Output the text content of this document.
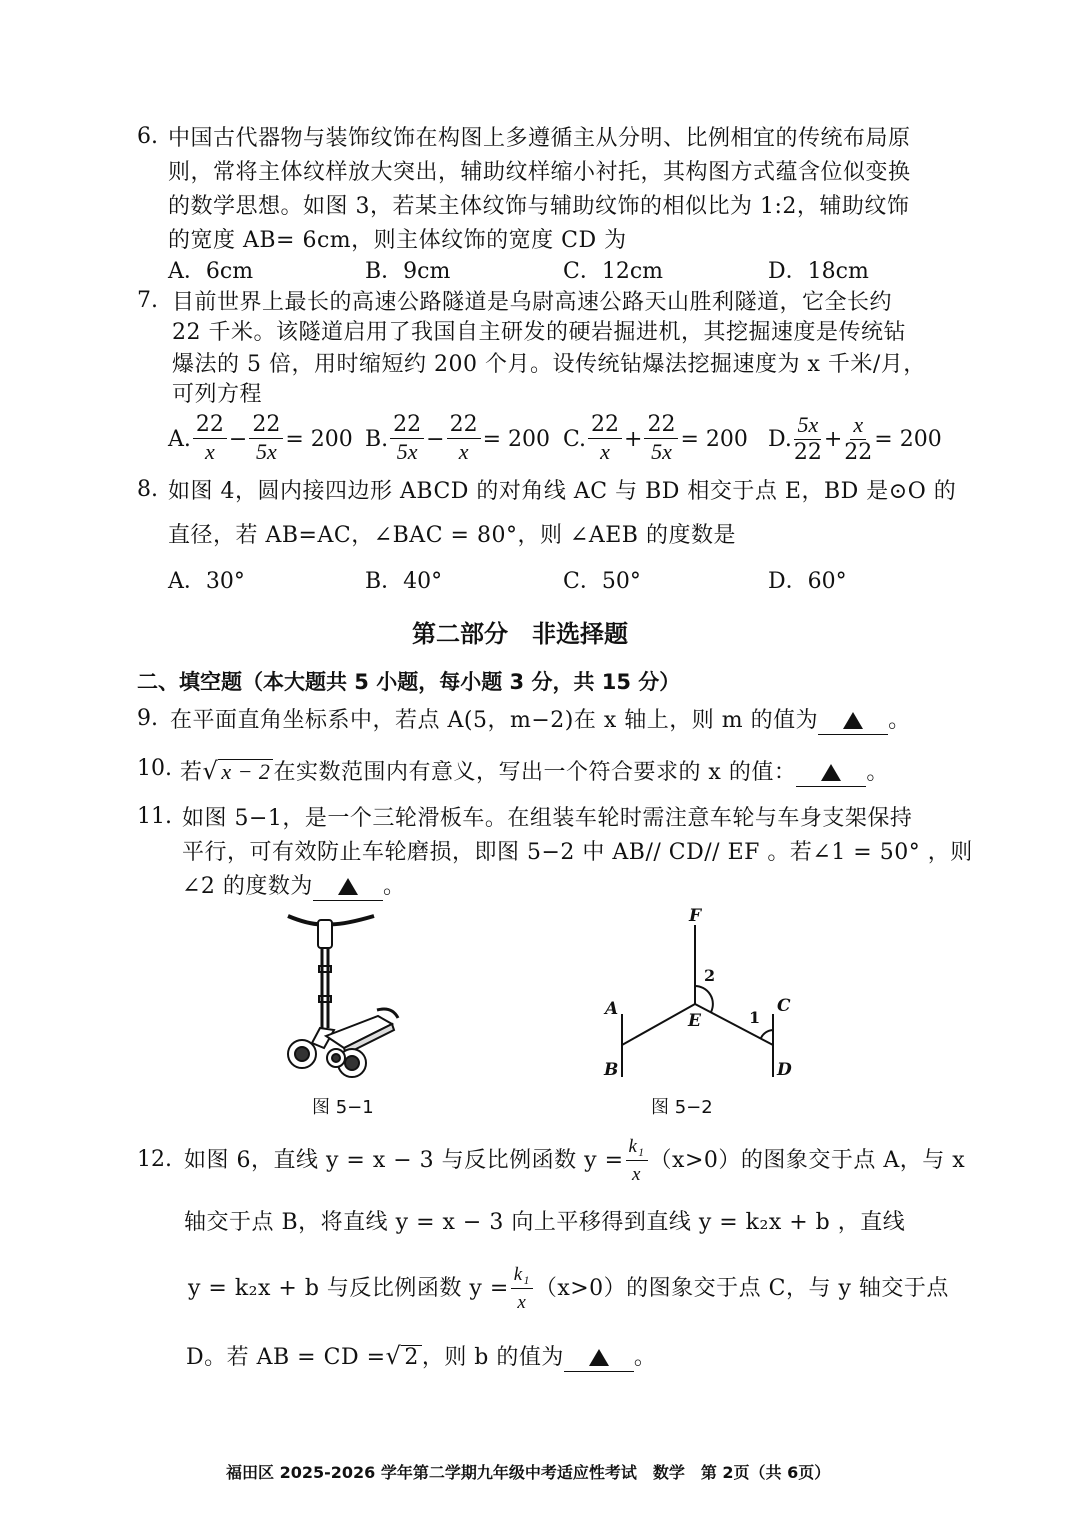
6. 中国古代器物与装饰纹饰在构图上多遵循主从分明、比例相宜的传统布局原
则，常将主体纹样放大突出，辅助纹样缩小衬托，其构图方式蕴含位似变换
的数学思想。如图 3，若某主体纹饰与辅助纹饰的相似比为 1:2，辅助纹饰
的宽度 AB= 6cm，则主体纹饰的宽度 CD 为
A．6cm	B．9cm	C．12cm	D．18cm
7. 目前世界上最长的高速公路隧道是乌尉高速公路天山胜利隧道，它全长约
22 千米。该隧道启用了我国自主研发的硬岩掘进机，其挖掘速度是传统钻
爆法的 5 倍，用时缩短约 200 个月。设传统钻爆法挖掘速度为 x 千米/月，
可列方程
A. $\frac{22}{x} - \frac{22}{5x} = 200$ B. $\frac{22}{5x} - \frac{22}{x} = 200$ C. $\frac{22}{x} + \frac{22}{5x} = 200$ D. $\frac{5x}{22} + \frac{x}{22} = 200$
8. 如图 4，圆内接四边形 ABCD 的对角线 AC 与 BD 相交于点 E，BD 是⊙O 的
直径，若 AB=AC，∠BAC = 80°，则 ∠AEB 的度数是
A．30°	B．40°	C．50°	D．60°
第二部分　非选择题
二、填空题（本大题共 5 小题，每小题 3 分，共 15 分）
9. 在平面直角坐标系中，若点 A(5，m−2)在 x 轴上，则 m 的值为	。
10. 若√ x − 2 在实数范围内有意义，写出一个符合要求的 x 的值：	。
11. 如图 5−1，是一个三轮滑板车。在组装车轮时需注意车轮与车身支架保持
平行，可有效防止车轮磨损，即图 5−2 中 AB// CD// EF 。若∠1 = 50° ，则
∠2 的度数为	。
图 5−1
F
A
B
E
C
D
1
2
图 5−2
12. 如图 6，直线 y = x − 3 与反比例函数 $y = \frac{\text{k₁}}{x} (x>0)$的图象交于点 A，与 x
轴交于点 B，将直线 y = x − 3 向上平移得到直线 y = k₂x + b ，直线
y = k₂x + b 与反比例函数 $y = \frac{\text{k₁}}{x} (x>0)$的图象交于点 C，与 y 轴交于点
D。若 AB = CD =√ 2 ，则 b 的值为	。
福田区 2025-2026 学年第二学期九年级中考适应性考试　数学　第 2页（共 6页）
